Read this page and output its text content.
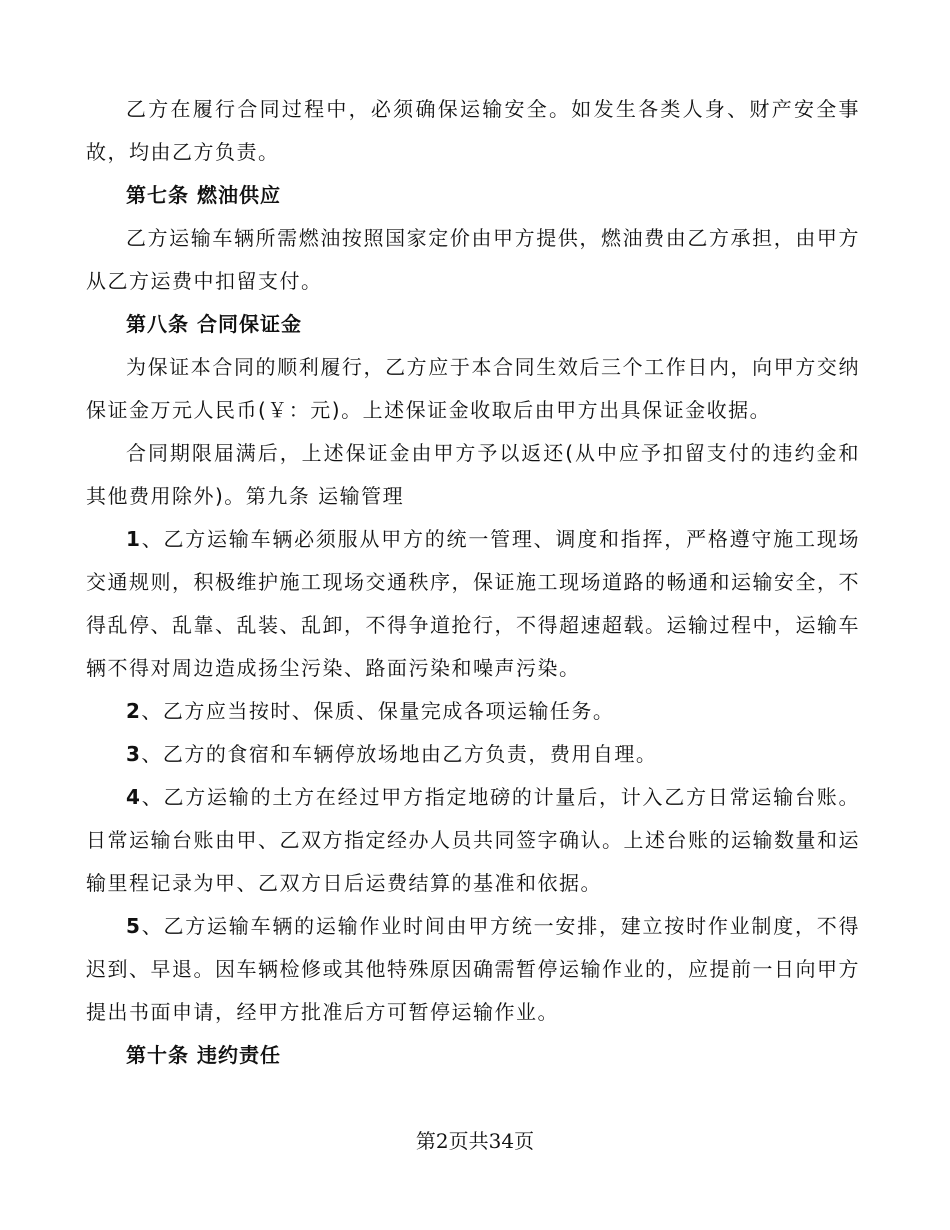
乙方在履行合同过程中，必须确保运输安全。如发生各类人身、财产安全事故，均由乙方负责。

第七条 燃油供应

乙方运输车辆所需燃油按照国家定价由甲方提供，燃油费由乙方承担，由甲方从乙方运费中扣留支付。

第八条 合同保证金

为保证本合同的顺利履行，乙方应于本合同生效后三个工作日内，向甲方交纳保证金万元人民币(￥：元)。上述保证金收取后由甲方出具保证金收据。

合同期限届满后，上述保证金由甲方予以返还(从中应予扣留支付的违约金和其他费用除外)。第九条 运输管理

1、乙方运输车辆必须服从甲方的统一管理、调度和指挥，严格遵守施工现场交通规则，积极维护施工现场交通秩序，保证施工现场道路的畅通和运输安全，不得乱停、乱靠、乱装、乱卸，不得争道抢行，不得超速超载。运输过程中，运输车辆不得对周边造成扬尘污染、路面污染和噪声污染。

2、乙方应当按时、保质、保量完成各项运输任务。

3、乙方的食宿和车辆停放场地由乙方负责，费用自理。

4、乙方运输的土方在经过甲方指定地磅的计量后，计入乙方日常运输台账。日常运输台账由甲、乙双方指定经办人员共同签字确认。上述台账的运输数量和运输里程记录为甲、乙双方日后运费结算的基准和依据。

5、乙方运输车辆的运输作业时间由甲方统一安排，建立按时作业制度，不得迟到、早退。因车辆检修或其他特殊原因确需暂停运输作业的，应提前一日向甲方提出书面申请，经甲方批准后方可暂停运输作业。

第十条 违约责任

第2页共34页
